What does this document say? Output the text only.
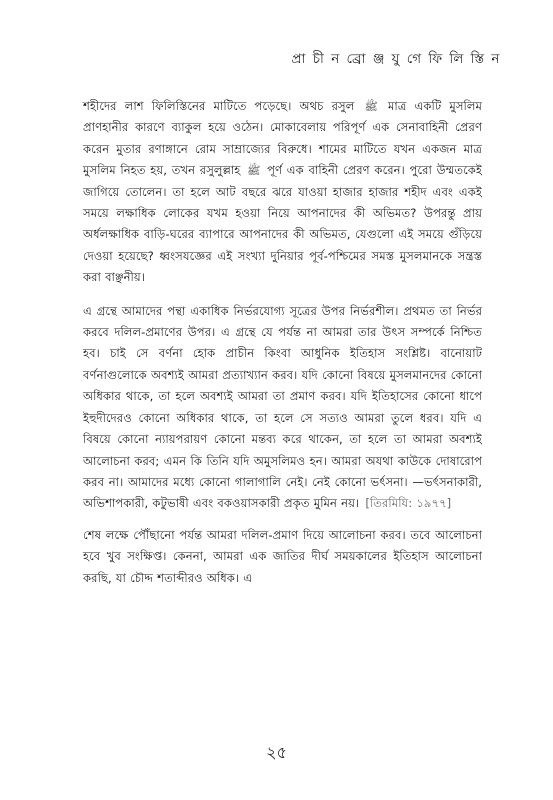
প্রা চী ন ব্রো ঞ্জ যু গে ফি লি স্তি ন

শহীদের লাশ ফিলিস্তিনের মাটিতে পড়েছে। অথচ রসুল ﷺ মাত্র একটি মুসলিম প্রাণহানীর কারণে ব্যাকুল হয়ে ওঠেন। মোকাবেলায় পরিপূর্ণ এক সেনাবাহিনী প্রেরণ করেন মুতার রণাঙ্গানে রোম সাম্রাজ্যের বিরুধে। শামের মাটিতে যখন একজন মাত্র মুসলিম নিহত হয়, তখন রসুলুল্লাহ ﷺ পূর্ণ এক বাহিনী প্রেরণ করেন। পুরো উম্মতকেই জাগিয়ে তোলেন। তা হলে আট বছরে ঝরে যাওয়া হাজার হাজার শহীদ এবং একই সময়ে লক্ষাধিক লোকের যখম হওয়া নিয়ে আপনাদের কী অভিমত? উপরন্তু প্রায় অর্ধলক্ষাধিক বাড়ি-ঘরের ব্যাপারে আপনাদের কী অভিমত, যেগুলো এই সময়ে গুঁড়িয়ে দেওয়া হয়েছে? ধ্বংসযজ্ঞের এই সংখ্যা দুনিয়ার পূর্ব-পশ্চিমের সমস্ত মুসলমানকে সন্ত্রস্ত করা বাঞ্ছনীয়।

এ গ্রন্থে আমাদের পন্থা একাধিক নির্ভরযোগ্য সূত্রের উপর নির্ভরশীল। প্রথমত তা নির্ভর করবে দলিল-প্রমাণের উপর। এ গ্রন্থে যে পর্যন্ত না আমরা তার উৎস সম্পর্কে নিশ্চিত হব। চাই সে বর্ণনা হোক প্রাচীন কিংবা আধুনিক ইতিহাস সংশ্লিষ্ট। বানোয়াট বর্ণনাগুলোকে অবশ্যই আমরা প্রত্যাখ্যান করব। যদি কোনো বিষয়ে মুসলমানদের কোনো অধিকার থাকে, তা হলে অবশ্যই আমরা তা প্রমাণ করব। যদি ইতিহাসের কোনো ধাপে ইহুদীদেরও কোনো অধিকার থাকে, তা হলে সে সত্যও আমরা তুলে ধরব। যদি এ বিষয়ে কোনো ন্যায়পরায়ণ কোনো মন্তব্য করে থাকেন, তা হলে তা আমরা অবশ্যই আলোচনা করব; এমন কি তিনি যদি অমুসলিমও হন। আমরা অযথা কাউকে দোষারোপ করব না। আমাদের মধ্যে কোনো গালাগালি নেই। নেই কোনো ভর্ৎসনা। —ভর্ৎসনাকারী, অভিশাপকারী, কটুভাষী এবং বকওয়াসকারী প্রকৃত মুমিন নয়। [তিরমিযি: ১৯৭৭]

শেষ লক্ষে পৌঁছানো পর্যন্ত আমরা দলিল-প্রমাণ দিয়ে আলোচনা করব। তবে আলোচনা হবে খুব সংক্ষিপ্ত। কেননা, আমরা এক জাতির দীর্ঘ সময়কালের ইতিহাস আলোচনা করছি, যা চৌদ্দ শতাব্দীরও অধিক। এ

২৫
